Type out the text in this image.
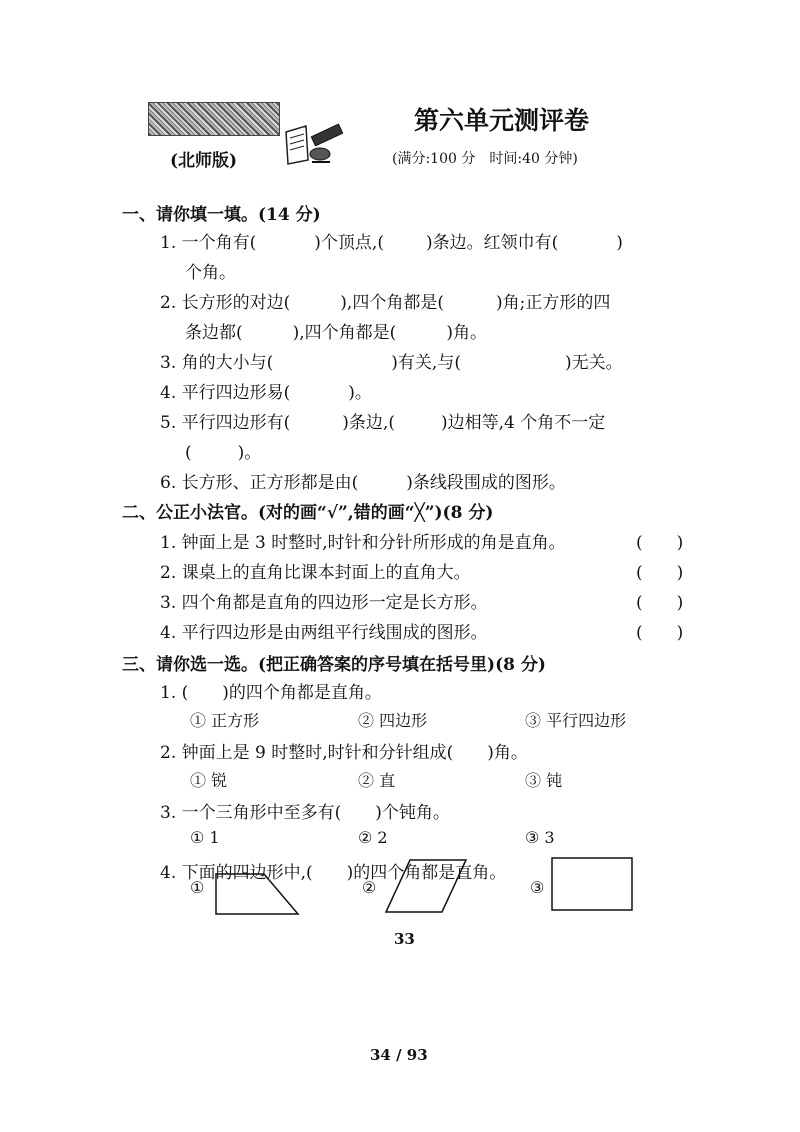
第六单元测评卷
(北师版)	(满分:100 分　时间:40 分钟)
一、请你填一填。(14 分)
1. 一个角有(	)个顶点,( )条边。红领巾有(	)
个角。
2. 长方形的对边(	),四个角都是(	)角;正方形的四
条边都(	),四个角都是(	)角。
3. 角的大小与(	)有关,与(	)无关。
4. 平行四边形易(	)。
5. 平行四边形有(	)条边,(	)边相等,4 个角不一定
(	)。
6. 长方形、正方形都是由(	)条线段围成的图形。
二、公正小法官。(对的画“√”,错的画“╳”)(8 分)
1. 钟面上是 3 时整时,时针和分针所形成的角是直角。	(　　)
2. 课桌上的直角比课本封面上的直角大。	(　　)
3. 四个角都是直角的四边形一定是长方形。	(　　)
4. 平行四边形是由两组平行线围成的图形。	(　　)
三、请你选一选。(把正确答案的序号填在括号里)(8 分)
1. (　　)的四个角都是直角。
① 正方形	② 四边形	③ 平行四边形
2. 钟面上是 9 时整时,时针和分针组成(　　)角。
① 锐	② 直	③ 钝
3. 一个三角形中至多有(　　)个钝角。
① 1	② 2	③ 3
4. 下面的四边形中,(　　)的四个角都是直角。
①	②	③
33
34 / 93
